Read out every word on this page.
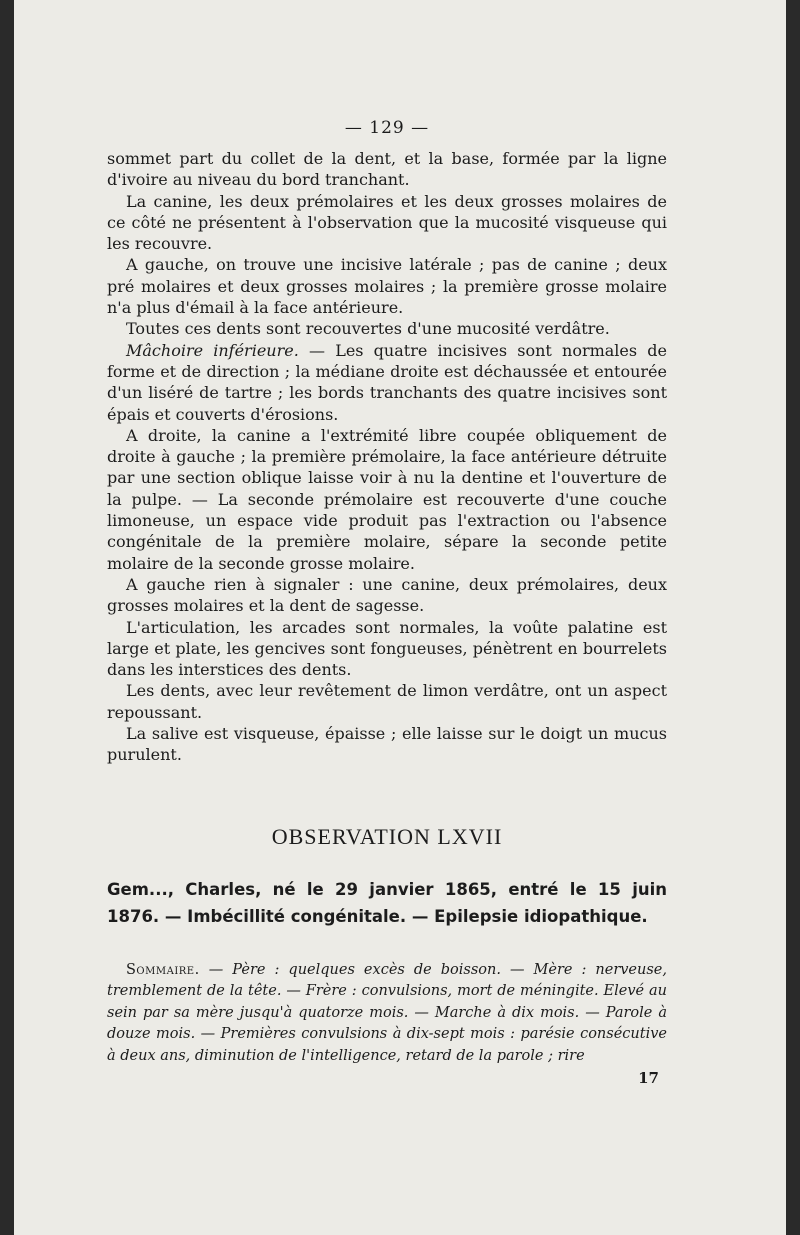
— 129 —

sommet part du collet de la dent, et la base, formée par la ligne d'ivoire au niveau du bord tranchant.

La canine, les deux prémolaires et les deux grosses molaires de ce côté ne présentent à l'observation que la mucosité visqueuse qui les recouvre.

A gauche, on trouve une incisive latérale ; pas de canine ; deux pré molaires et deux grosses molaires ; la première grosse molaire n'a plus d'émail à la face antérieure.

Toutes ces dents sont recouvertes d'une mucosité verdâtre.

Mâchoire inférieure. — Les quatre incisives sont normales de forme et de direction ; la médiane droite est déchaussée et entourée d'un liséré de tartre ; les bords tranchants des quatre incisives sont épais et couverts d'érosions.

A droite, la canine a l'extrémité libre coupée obliquement de droite à gauche ; la première prémolaire, la face antérieure détruite par une section oblique laisse voir à nu la dentine et l'ouverture de la pulpe. — La seconde prémolaire est recouverte d'une couche limoneuse, un espace vide produit pas l'extraction ou l'absence congénitale de la première molaire, sépare la seconde petite molaire de la seconde grosse molaire.

A gauche rien à signaler : une canine, deux prémolaires, deux grosses molaires et la dent de sagesse.

L'articulation, les arcades sont normales, la voûte palatine est large et plate, les gencives sont fongueuses, pénètrent en bourrelets dans les interstices des dents.

Les dents, avec leur revêtement de limon verdâtre, ont un aspect repoussant.

La salive est visqueuse, épaisse ; elle laisse sur le doigt un mucus purulent.

OBSERVATION LXVII

Gem..., Charles, né le 29 janvier 1865, entré le 15 juin 1876. — Imbécillité congénitale. — Epilepsie idiopathique.

Sommaire. — Père : quelques excès de boisson. — Mère : nerveuse, tremblement de la tête. — Frère : convulsions, mort de méningite. Elevé au sein par sa mère jusqu'à quatorze mois. — Marche à dix mois. — Parole à douze mois. — Premières convulsions à dix-sept mois : parésie consécutive à deux ans, diminution de l'intelligence, retard de la parole ; rire

17
